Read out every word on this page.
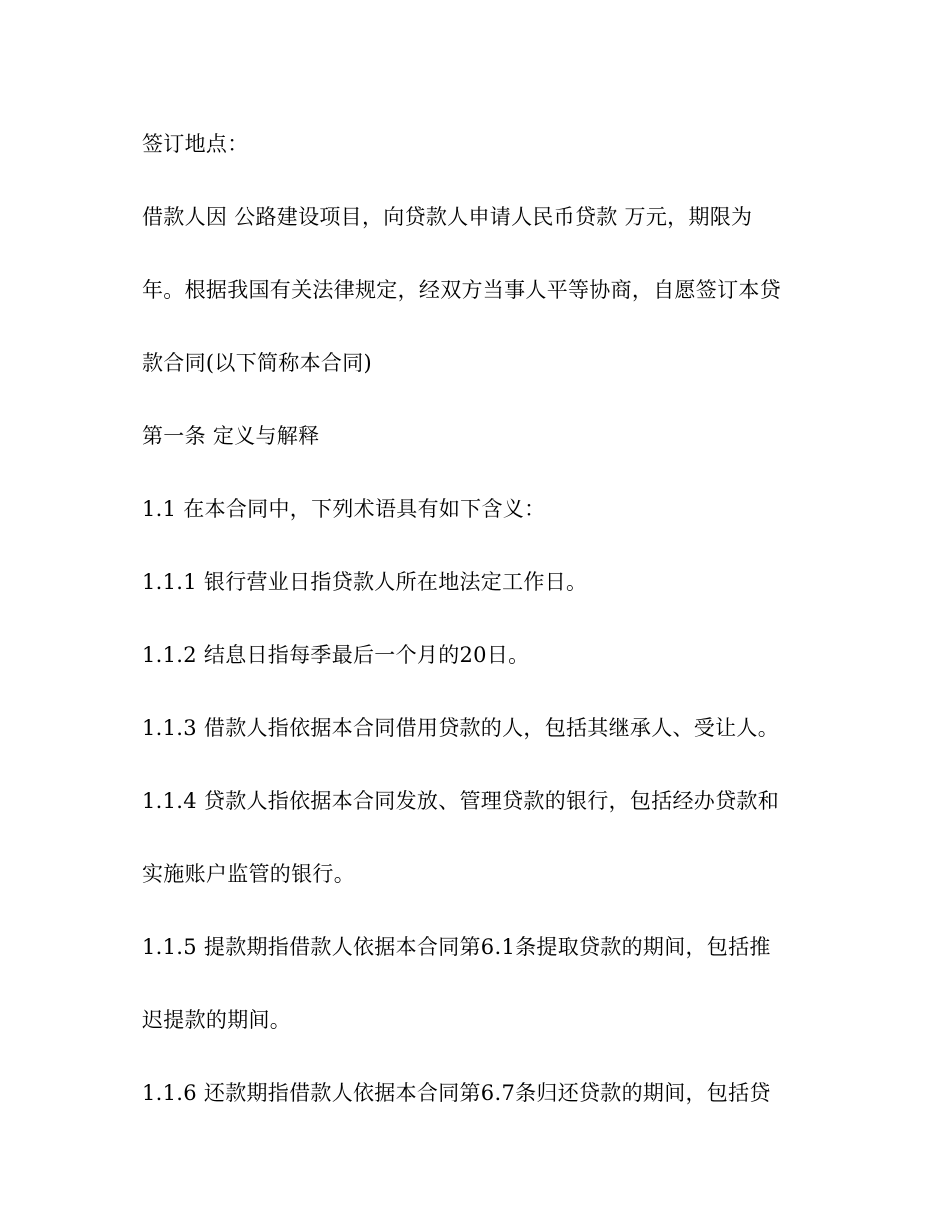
签订地点：

借款人因 公路建设项目，向贷款人申请人民币贷款 万元，期限为

年。根据我国有关法律规定，经双方当事人平等协商，自愿签订本贷

款合同(以下简称本合同)

第一条 定义与解释

1.1 在本合同中，下列术语具有如下含义：

1.1.1 银行营业日指贷款人所在地法定工作日。

1.1.2 结息日指每季最后一个月的20日。

1.1.3 借款人指依据本合同借用贷款的人，包括其继承人、受让人。

1.1.4 贷款人指依据本合同发放、管理贷款的银行，包括经办贷款和

实施账户监管的银行。

1.1.5 提款期指借款人依据本合同第6.1条提取贷款的期间，包括推

迟提款的期间。

1.1.6 还款期指借款人依据本合同第6.7条归还贷款的期间，包括贷
